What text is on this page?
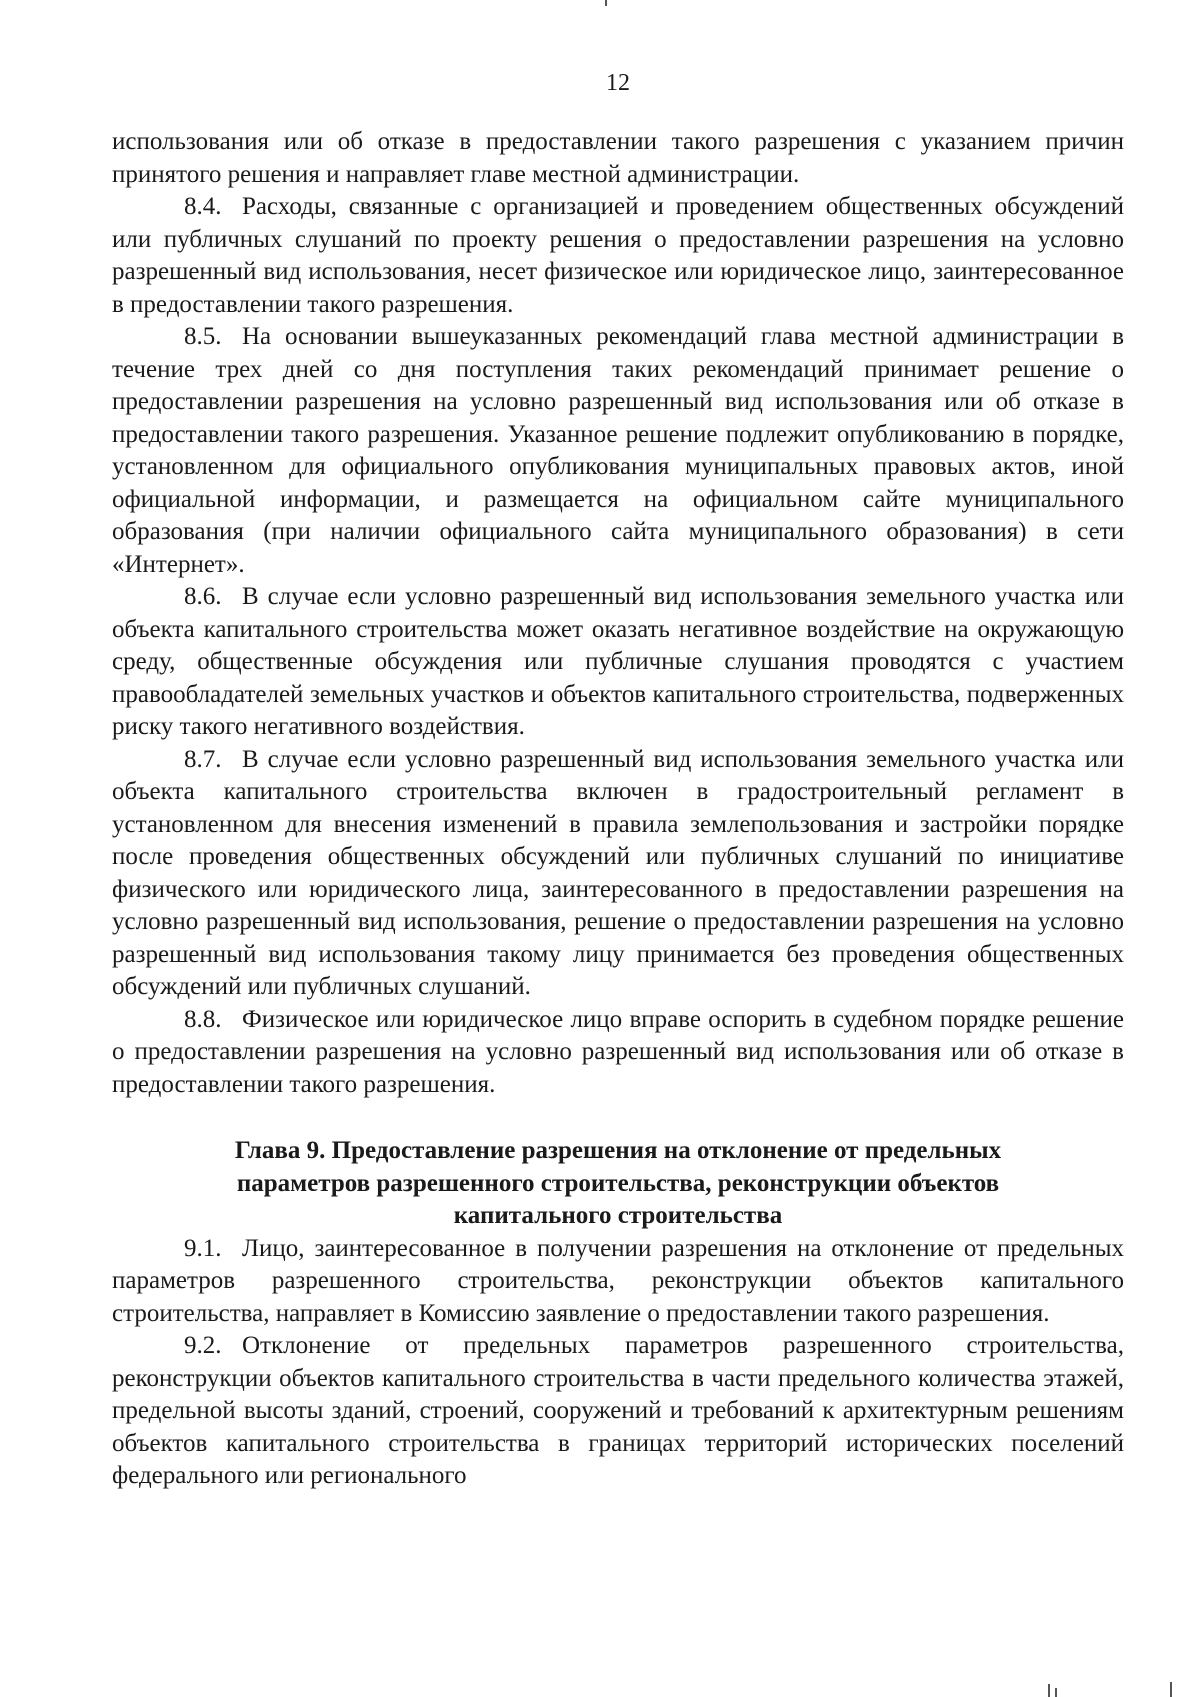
12

использования или об отказе в предоставлении такого разрешения с указанием причин принятого решения и направляет главе местной администрации.

8.4. Расходы, связанные с организацией и проведением общественных обсуждений или публичных слушаний по проекту решения о предоставлении разрешения на условно разрешенный вид использования, несет физическое или юридическое лицо, заинтересованное в предоставлении такого разрешения.

8.5. На основании вышеуказанных рекомендаций глава местной администрации в течение трех дней со дня поступления таких рекомендаций принимает решение о предоставлении разрешения на условно разрешенный вид использования или об отказе в предоставлении такого разрешения. Указанное решение подлежит опубликованию в порядке, установленном для официального опубликования муниципальных правовых актов, иной официальной информации, и размещается на официальном сайте муниципального образования (при наличии официального сайта муниципального образования) в сети «Интернет».

8.6. В случае если условно разрешенный вид использования земельного участка или объекта капитального строительства может оказать негативное воздействие на окружающую среду, общественные обсуждения или публичные слушания проводятся с участием правообладателей земельных участков и объектов капитального строительства, подверженных риску такого негативного воздействия.

8.7. В случае если условно разрешенный вид использования земельного участка или объекта капитального строительства включен в градостроительный регламент в установленном для внесения изменений в правила землепользования и застройки порядке после проведения общественных обсуждений или публичных слушаний по инициативе физического или юридического лица, заинтересованного в предоставлении разрешения на условно разрешенный вид использования, решение о предоставлении разрешения на условно разрешенный вид использования такому лицу принимается без проведения общественных обсуждений или публичных слушаний.

8.8. Физическое или юридическое лицо вправе оспорить в судебном порядке решение о предоставлении разрешения на условно разрешенный вид использования или об отказе в предоставлении такого разрешения.

Глава 9. Предоставление разрешения на отклонение от предельных параметров разрешенного строительства, реконструкции объектов капитального строительства

9.1. Лицо, заинтересованное в получении разрешения на отклонение от предельных параметров разрешенного строительства, реконструкции объектов капитального строительства, направляет в Комиссию заявление о предоставлении такого разрешения.

9.2. Отклонение от предельных параметров разрешенного строительства, реконструкции объектов капитального строительства в части предельного количества этажей, предельной высоты зданий, строений, сооружений и требований к архитектурным решениям объектов капитального строительства в границах территорий исторических поселений федерального или регионального
